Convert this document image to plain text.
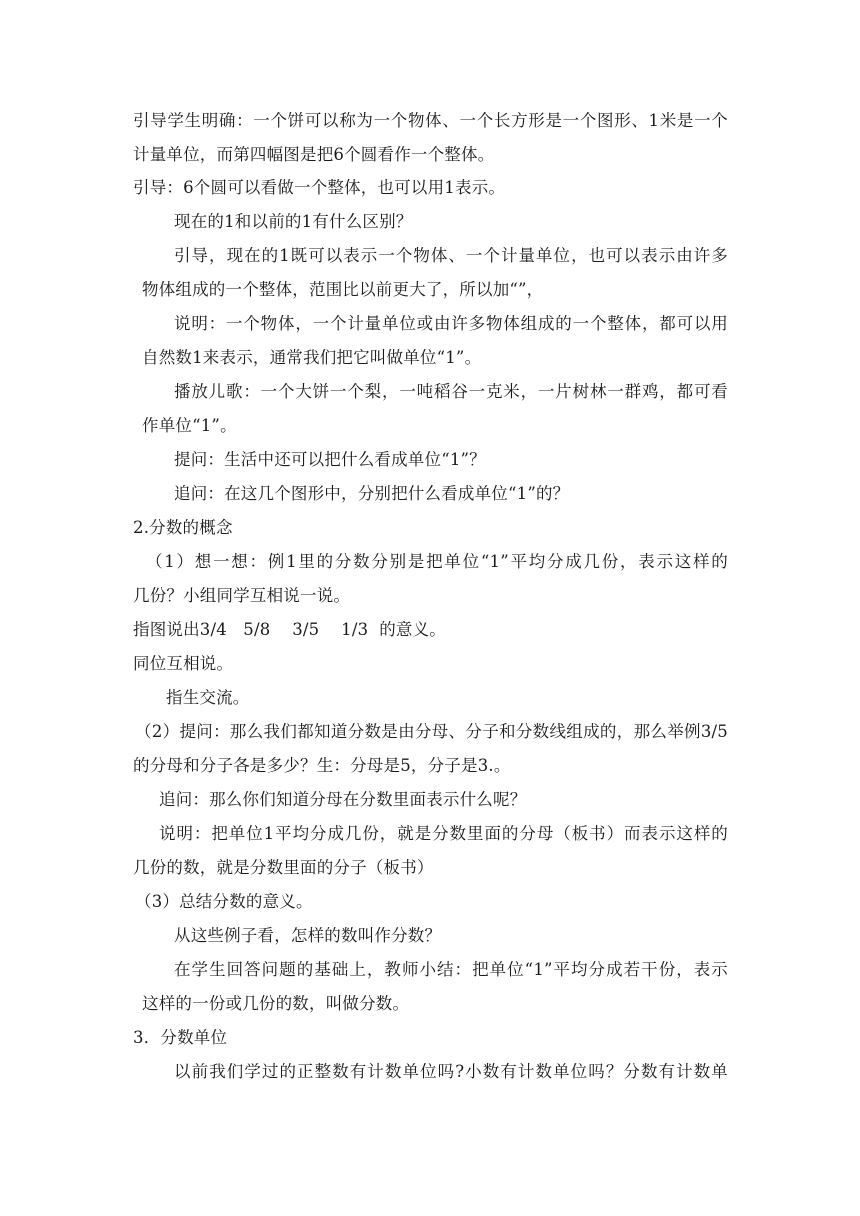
引导学生明确：一个饼可以称为一个物体、一个长方形是一个图形、1米是一个
计量单位，而第四幅图是把6个圆看作一个整体。
引导：6个圆可以看做一个整体，也可以用1表示。
现在的1和以前的1有什么区别？
引导，现在的1既可以表示一个物体、一个计量单位，也可以表示由许多
物体组成的一个整体，范围比以前更大了，所以加“”，
说明：一个物体，一个计量单位或由许多物体组成的一个整体，都可以用
自然数1来表示，通常我们把它叫做单位“1”。
播放儿歌：一个大饼一个梨，一吨稻谷一克米，一片树林一群鸡，都可看
作单位“1”。
提问：生活中还可以把什么看成单位“1”？
追问：在这几个图形中，分别把什么看成单位“1”的？
2.分数的概念
（1）想一想：例1里的分数分别是把单位“1”平均分成几份，表示这样的
几份？小组同学互相说一说。
指图说出3/4   5/8    3/5    1/3  的意义。
同位互相说。
指生交流。
（2）提问：那么我们都知道分数是由分母、分子和分数线组成的，那么举例3/5
的分母和分子各是多少？生：分母是5，分子是3.。
追问：那么你们知道分母在分数里面表示什么呢？
说明：把单位1平均分成几份，就是分数里面的分母（板书）而表示这样的
几份的数，就是分数里面的分子（板书）
（3）总结分数的意义。
从这些例子看，怎样的数叫作分数？
在学生回答问题的基础上，教师小结：把单位“1”平均分成若干份，表示
这样的一份或几份的数，叫做分数。
3．分数单位
以前我们学过的正整数有计数单位吗?小数有计数单位吗？分数有计数单
